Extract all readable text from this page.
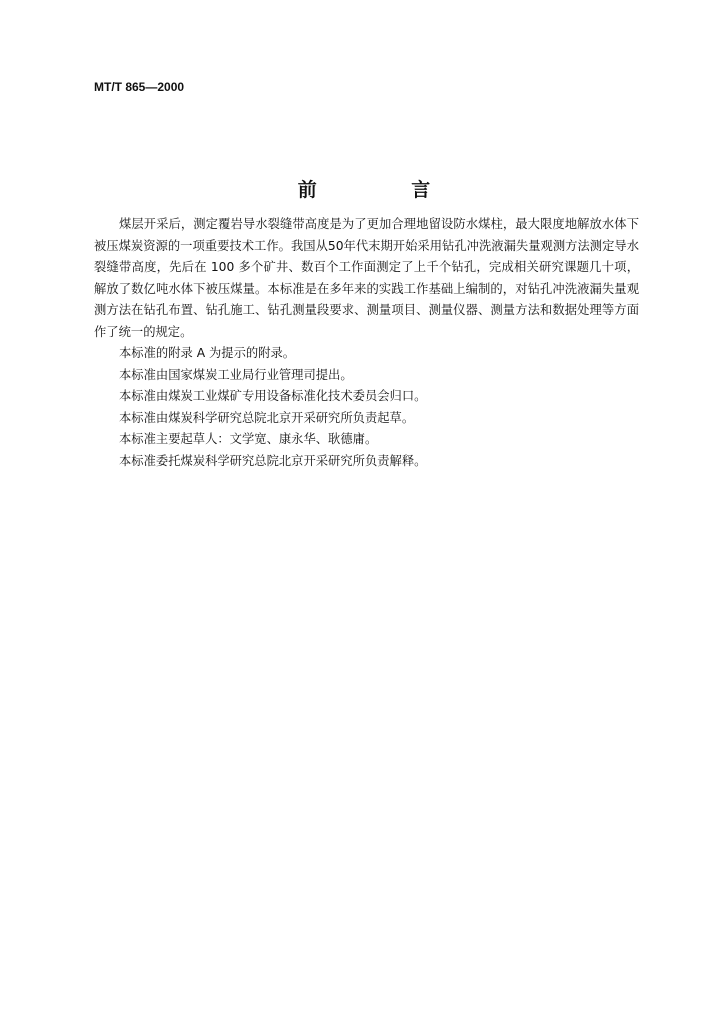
MT/T 865—2000
前 言

煤层开采后，测定覆岩导水裂缝带高度是为了更加合理地留设防水煤柱，最大限度地解放水体下被压煤炭资源的一项重要技术工作。我国从50年代末期开始采用钻孔冲洗液漏失量观测方法测定导水裂缝带高度，先后在 100 多个矿井、数百个工作面测定了上千个钻孔，完成相关研究课题几十项，解放了数亿吨水体下被压煤量。本标准是在多年来的实践工作基础上编制的，对钻孔冲洗液漏失量观测方法在钻孔布置、钻孔施工、钻孔测量段要求、测量项目、测量仪器、测量方法和数据处理等方面作了统一的规定。

本标准的附录 A 为提示的附录。

本标准由国家煤炭工业局行业管理司提出。

本标准由煤炭工业煤矿专用设备标准化技术委员会归口。

本标准由煤炭科学研究总院北京开采研究所负责起草。

本标准主要起草人：文学宽、康永华、耿德庸。

本标准委托煤炭科学研究总院北京开采研究所负责解释。
